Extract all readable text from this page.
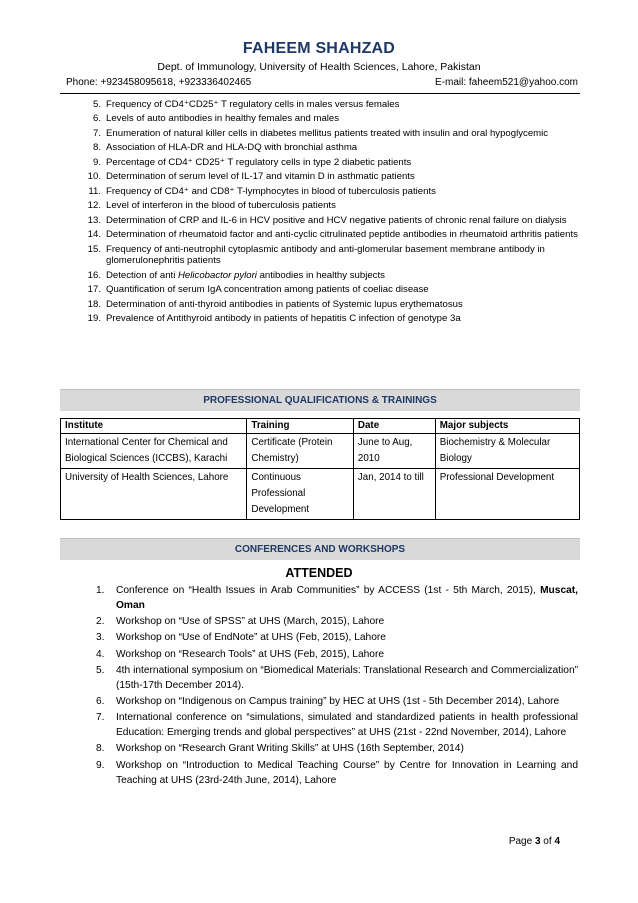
FAHEEM SHAHZAD
Dept. of Immunology, University of Health Sciences, Lahore, Pakistan
Phone: +923458095618, +923336402465	E-mail: faheem521@yahoo.com
5. Frequency of CD4⁺CD25⁺ T regulatory cells in males versus females
6. Levels of auto antibodies in healthy females and males
7. Enumeration of natural killer cells in diabetes mellitus patients treated with insulin and oral hypoglycemic
8. Association of HLA-DR and HLA-DQ with bronchial asthma
9. Percentage of CD4⁺ CD25⁺ T regulatory cells in type 2 diabetic patients
10. Determination of serum level of IL-17 and vitamin D in asthmatic patients
11. Frequency of CD4⁺ and CD8⁺ T-lymphocytes in blood of tuberculosis patients
12. Level of interferon in the blood of tuberculosis patients
13. Determination of CRP and IL-6 in HCV positive and HCV negative patients of chronic renal failure on dialysis
14. Determination of rheumatoid factor and anti-cyclic citrulinated peptide antibodies in rheumatoid arthritis patients
15. Frequency of anti-neutrophil cytoplasmic antibody and anti-glomerular basement membrane antibody in glomerulonephritis patients
16. Detection of anti Helicobactor pylori antibodies in healthy subjects
17. Quantification of serum IgA concentration among patients of coeliac disease
18. Determination of anti-thyroid antibodies in patients of Systemic lupus erythematosus
19. Prevalence of Antithyroid antibody in patients of hepatitis C infection of genotype 3a
PROFESSIONAL QUALIFICATIONS & TRAININGS
Institute	Training	Date	Major subjects
International Center for Chemical and Biological Sciences (ICCBS), Karachi	Certificate (Protein Chemistry)	June to Aug, 2010	Biochemistry & Molecular Biology
University of Health Sciences, Lahore	Continuous Professional Development	Jan, 2014 to till	Professional Development
CONFERENCES AND WORKSHOPS
ATTENDED
1.	Conference on “Health Issues in Arab Communities” by ACCESS (1st - 5th March, 2015), Muscat, Oman
2.	Workshop on “Use of SPSS” at UHS (March, 2015), Lahore
3.	Workshop on “Use of EndNote” at UHS (Feb, 2015), Lahore
4.	Workshop on “Research Tools” at UHS (Feb, 2015), Lahore
5.	4th international symposium on “Biomedical Materials: Translational Research and Commercialization” (15th-17th December 2014).
6.	Workshop on “Indigenous on Campus training” by HEC at UHS (1st - 5th December 2014), Lahore
7.	International conference on “simulations, simulated and standardized patients in health professional Education: Emerging trends and global perspectives” at UHS (21st - 22nd November, 2014), Lahore
8.	Workshop on “Research Grant Writing Skills” at UHS (16th September, 2014)
9.	Workshop on “Introduction to Medical Teaching Course” by Centre for Innovation in Learning and Teaching at UHS (23rd-24th June, 2014), Lahore
Page 3 of 4
